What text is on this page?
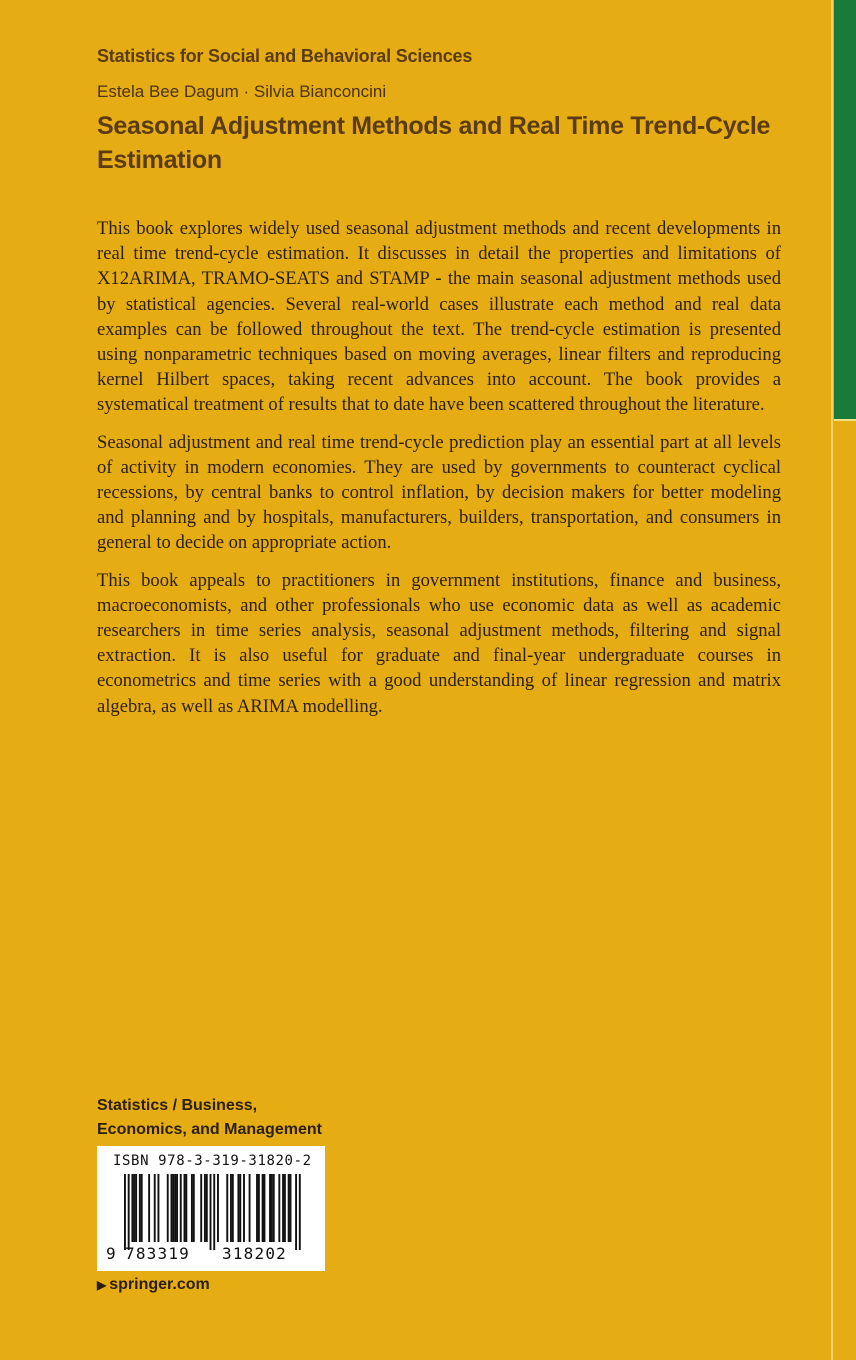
Statistics for Social and Behavioral Sciences
Estela Bee Dagum · Silvia Bianconcini
Seasonal Adjustment Methods and Real Time Trend-Cycle
Estimation

This book explores widely used seasonal adjustment methods and recent developments in real time trend-cycle estimation. It discusses in detail the properties and limitations of X12ARIMA, TRAMO-SEATS and STAMP - the main seasonal adjustment methods used by statistical agencies. Several real-world cases illustrate each method and real data examples can be followed throughout the text. The trend-cycle estimation is presented using nonparametric techniques based on moving averages, linear filters and reproducing kernel Hilbert spaces, taking recent advances into account. The book provides a systematical treatment of results that to date have been scattered throughout the literature.

Seasonal adjustment and real time trend-cycle prediction play an essential part at all levels of activity in modern economies. They are used by governments to counteract cyclical recessions, by central banks to control inflation, by decision makers for better modeling and planning and by hospitals, manufacturers, builders, transportation, and consumers in general to decide on appropriate action.

This book appeals to practitioners in government institutions, finance and business, macroeconomists, and other professionals who use economic data as well as academic researchers in time series analysis, seasonal adjustment methods, filtering and signal extraction. It is also useful for graduate and final-year undergraduate courses in econometrics and time series with a good understanding of linear regression and matrix algebra, as well as ARIMA modelling.

Statistics / Business,
Economics, and Management
ISBN 978-3-319-31820-2
9 783319 318202
▶ springer.com
